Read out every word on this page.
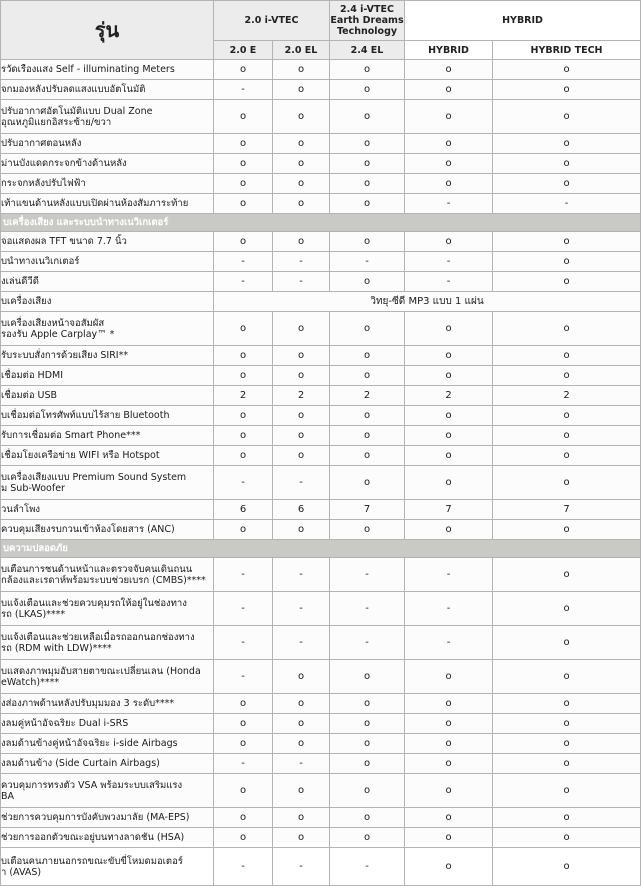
รุ่น	2.0 i-VTEC		2.4 i-VTEC
Earth Dreams
Technology	HYBRID	
	2.0 E	2.0 EL	2.4 EL	HYBRID	HYBRID TECH
รวัดเรืองแสง Self - illuminating Meters	o	o	o	o	o
จกมองหลังปรับลดแสงแบบอัตโนมัติ	-	o	o	o	o
ปรับอากาศอัตโนมัติแบบ Dual Zone
อุณหภูมิแยกอิสระซ้าย/ขวา	o	o	o	o	o
ปรับอากาศตอนหลัง	o	o	o	o	o
ม่านบังแดดกระจกข้างด้านหลัง	o	o	o	o	o
กระจกหลังปรับไฟฟ้า	o	o	o	o	o
เท้าแขนด้านหลังแบบเปิดผ่านห้องสัมภาระท้าย	o	o	o	-	-
บเครื่องเสียง และระบบนำทางเนวิเกเตอร์					
จอแสดงผล TFT ขนาด 7.7 นิ้ว	o	o	o	o	o
บนำทางเนวิเกเตอร์	-	-	-	-	o
งเล่นดีวีดี	-	-	o	-	o
บเครื่องเสียง	วิทยุ-ซีดี MP3 แบบ 1 แผ่น				
บเครื่องเสียงหน้าจอสัมผัส
รองรับ Apple Carplay™ *	o	o	o	o	o
รับระบบสั่งการด้วยเสียง SIRI**	o	o	o	o	o
เชื่อมต่อ HDMI	o	o	o	o	o
เชื่อมต่อ USB	2	2	2	2	2
บเชื่อมต่อโทรศัพท์แบบไร้สาย Bluetooth	o	o	o	o	o
รับการเชื่อมต่อ Smart Phone***	o	o	o	o	o
เชื่อมโยงเครือข่าย WIFI หรือ Hotspot	o	o	o	o	o
บเครื่องเสียงแบบ Premium Sound System
ม Sub-Woofer	-	-	o	o	o
วนลำโพง	6	6	7	7	7
ควบคุมเสียงรบกวนเข้าห้องโดยสาร (ANC)	o	o	o	o	o
บความปลอดภัย					
บเตือนการชนด้านหน้าและตรวจจับคนเดินถนน
กล้องและเรดาห์พร้อมระบบช่วยเบรก (CMBS)****	-	-	-	-	o
บแจ้งเตือนและช่วยควบคุมรถให้อยู่ในช่องทาง
รถ (LKAS)****	-	-	-	-	o
บแจ้งเตือนและช่วยเหลือเมื่อรถออกนอกช่องทาง
รถ (RDM with LDW)****	-	-	-	-	o
บแสดงภาพมุมอับสายตาขณะเปลี่ยนเลน (Honda
eWatch)****	-	o	o	o	o
งส่องภาพด้านหลังปรับมุมมอง 3 ระดับ****	o	o	o	o	o
งลมคู่หน้าอัจฉริยะ Dual i-SRS	o	o	o	o	o
งลมด้านข้างคู่หน้าอัจฉริยะ i-side Airbags	o	o	o	o	o
งลมด้านข้าง (Side Curtain Airbags)	-	-	o	o	o
ควบคุมการทรงตัว VSA พร้อมระบบเสริมแรง
BA	o	o	o	o	o
ช่วยการควบคุมการบังคับพวงมาลัย (MA-EPS)	o	o	o	o	o
ช่วยการออกตัวขณะอยู่บนทางลาดชัน (HSA)	o	o	o	o	o
บเตือนคนภายนอกรถขณะขับขี่โหมดมอเตอร์
า (AVAS)	-	-	-	o	o
